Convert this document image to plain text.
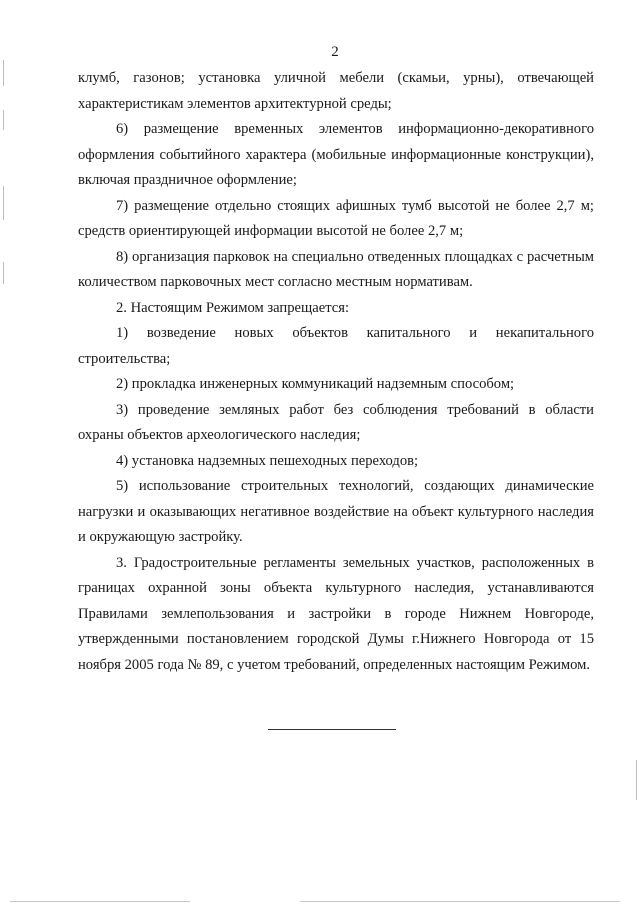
2

клумб, газонов; установка уличной мебели (скамьи, урны), отвечающей характеристикам элементов архитектурной среды;

6) размещение временных элементов информационно-декоративного оформления событийного характера (мобильные информационные конструкции), включая праздничное оформление;

7) размещение отдельно стоящих афишных тумб высотой не более 2,7 м; средств ориентирующей информации высотой не более 2,7 м;

8) организация парковок на специально отведенных площадках с расчетным количеством парковочных мест согласно местным нормативам.

2. Настоящим Режимом запрещается:

1) возведение новых объектов капитального и некапитального строительства;

2) прокладка инженерных коммуникаций надземным способом;

3) проведение земляных работ без соблюдения требований в области охраны объектов археологического наследия;

4) установка надземных пешеходных переходов;

5) использование строительных технологий, создающих динамические нагрузки и оказывающих негативное воздействие на объект культурного наследия и окружающую застройку.

3. Градостроительные регламенты земельных участков, расположенных в границах охранной зоны объекта культурного наследия, устанавливаются Правилами землепользования и застройки в городе Нижнем Новгороде, утвержденными постановлением городской Думы г.Нижнего Новгорода от 15 ноября 2005 года № 89, с учетом требований, определенных настоящим Режимом.
